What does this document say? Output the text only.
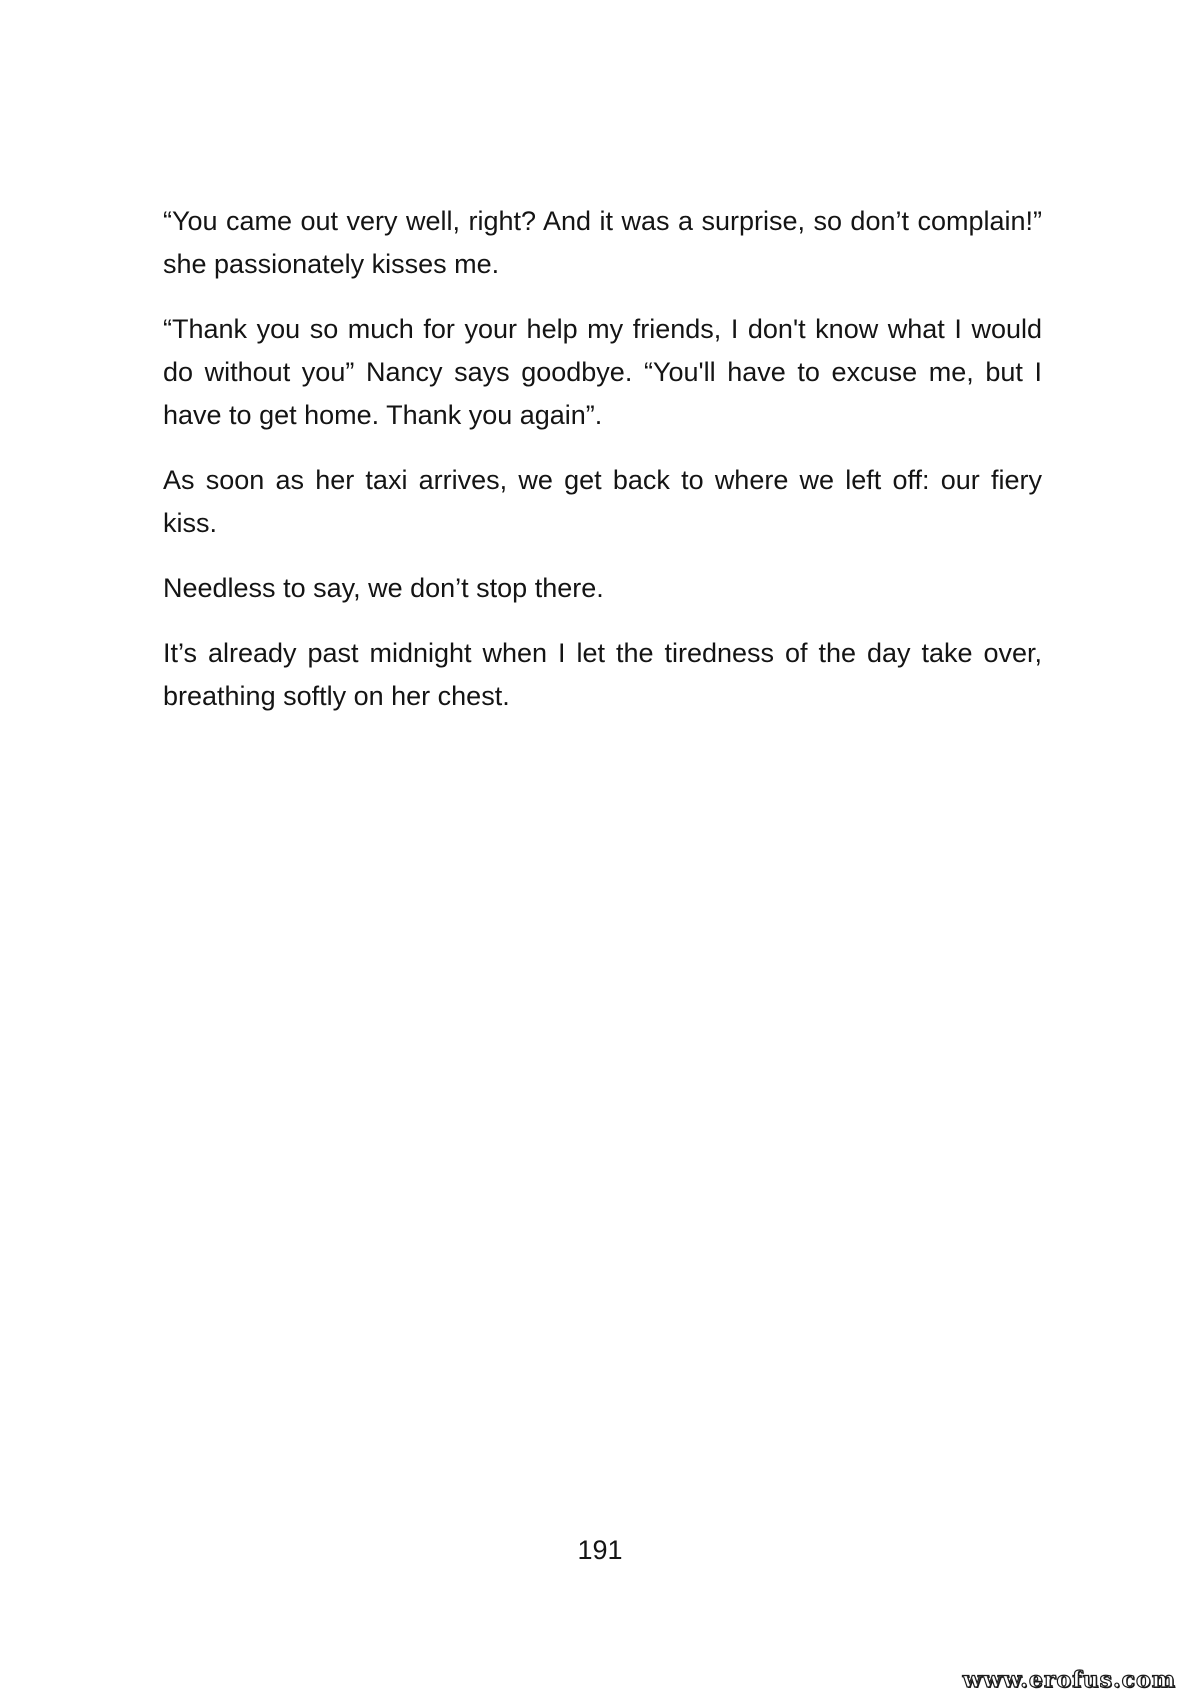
“You came out very well, right? And it was a surprise, so don’t complain!” she passionately kisses me.

“Thank you so much for your help my friends, I don't know what I would do without you” Nancy says goodbye. “You'll have to excuse me, but I have to get home. Thank you again”.

As soon as her taxi arrives, we get back to where we left off: our fiery kiss.

Needless to say, we don’t stop there.

It’s already past midnight when I let the tiredness of the day take over, breathing softly on her chest.

191
www.erofus.com
